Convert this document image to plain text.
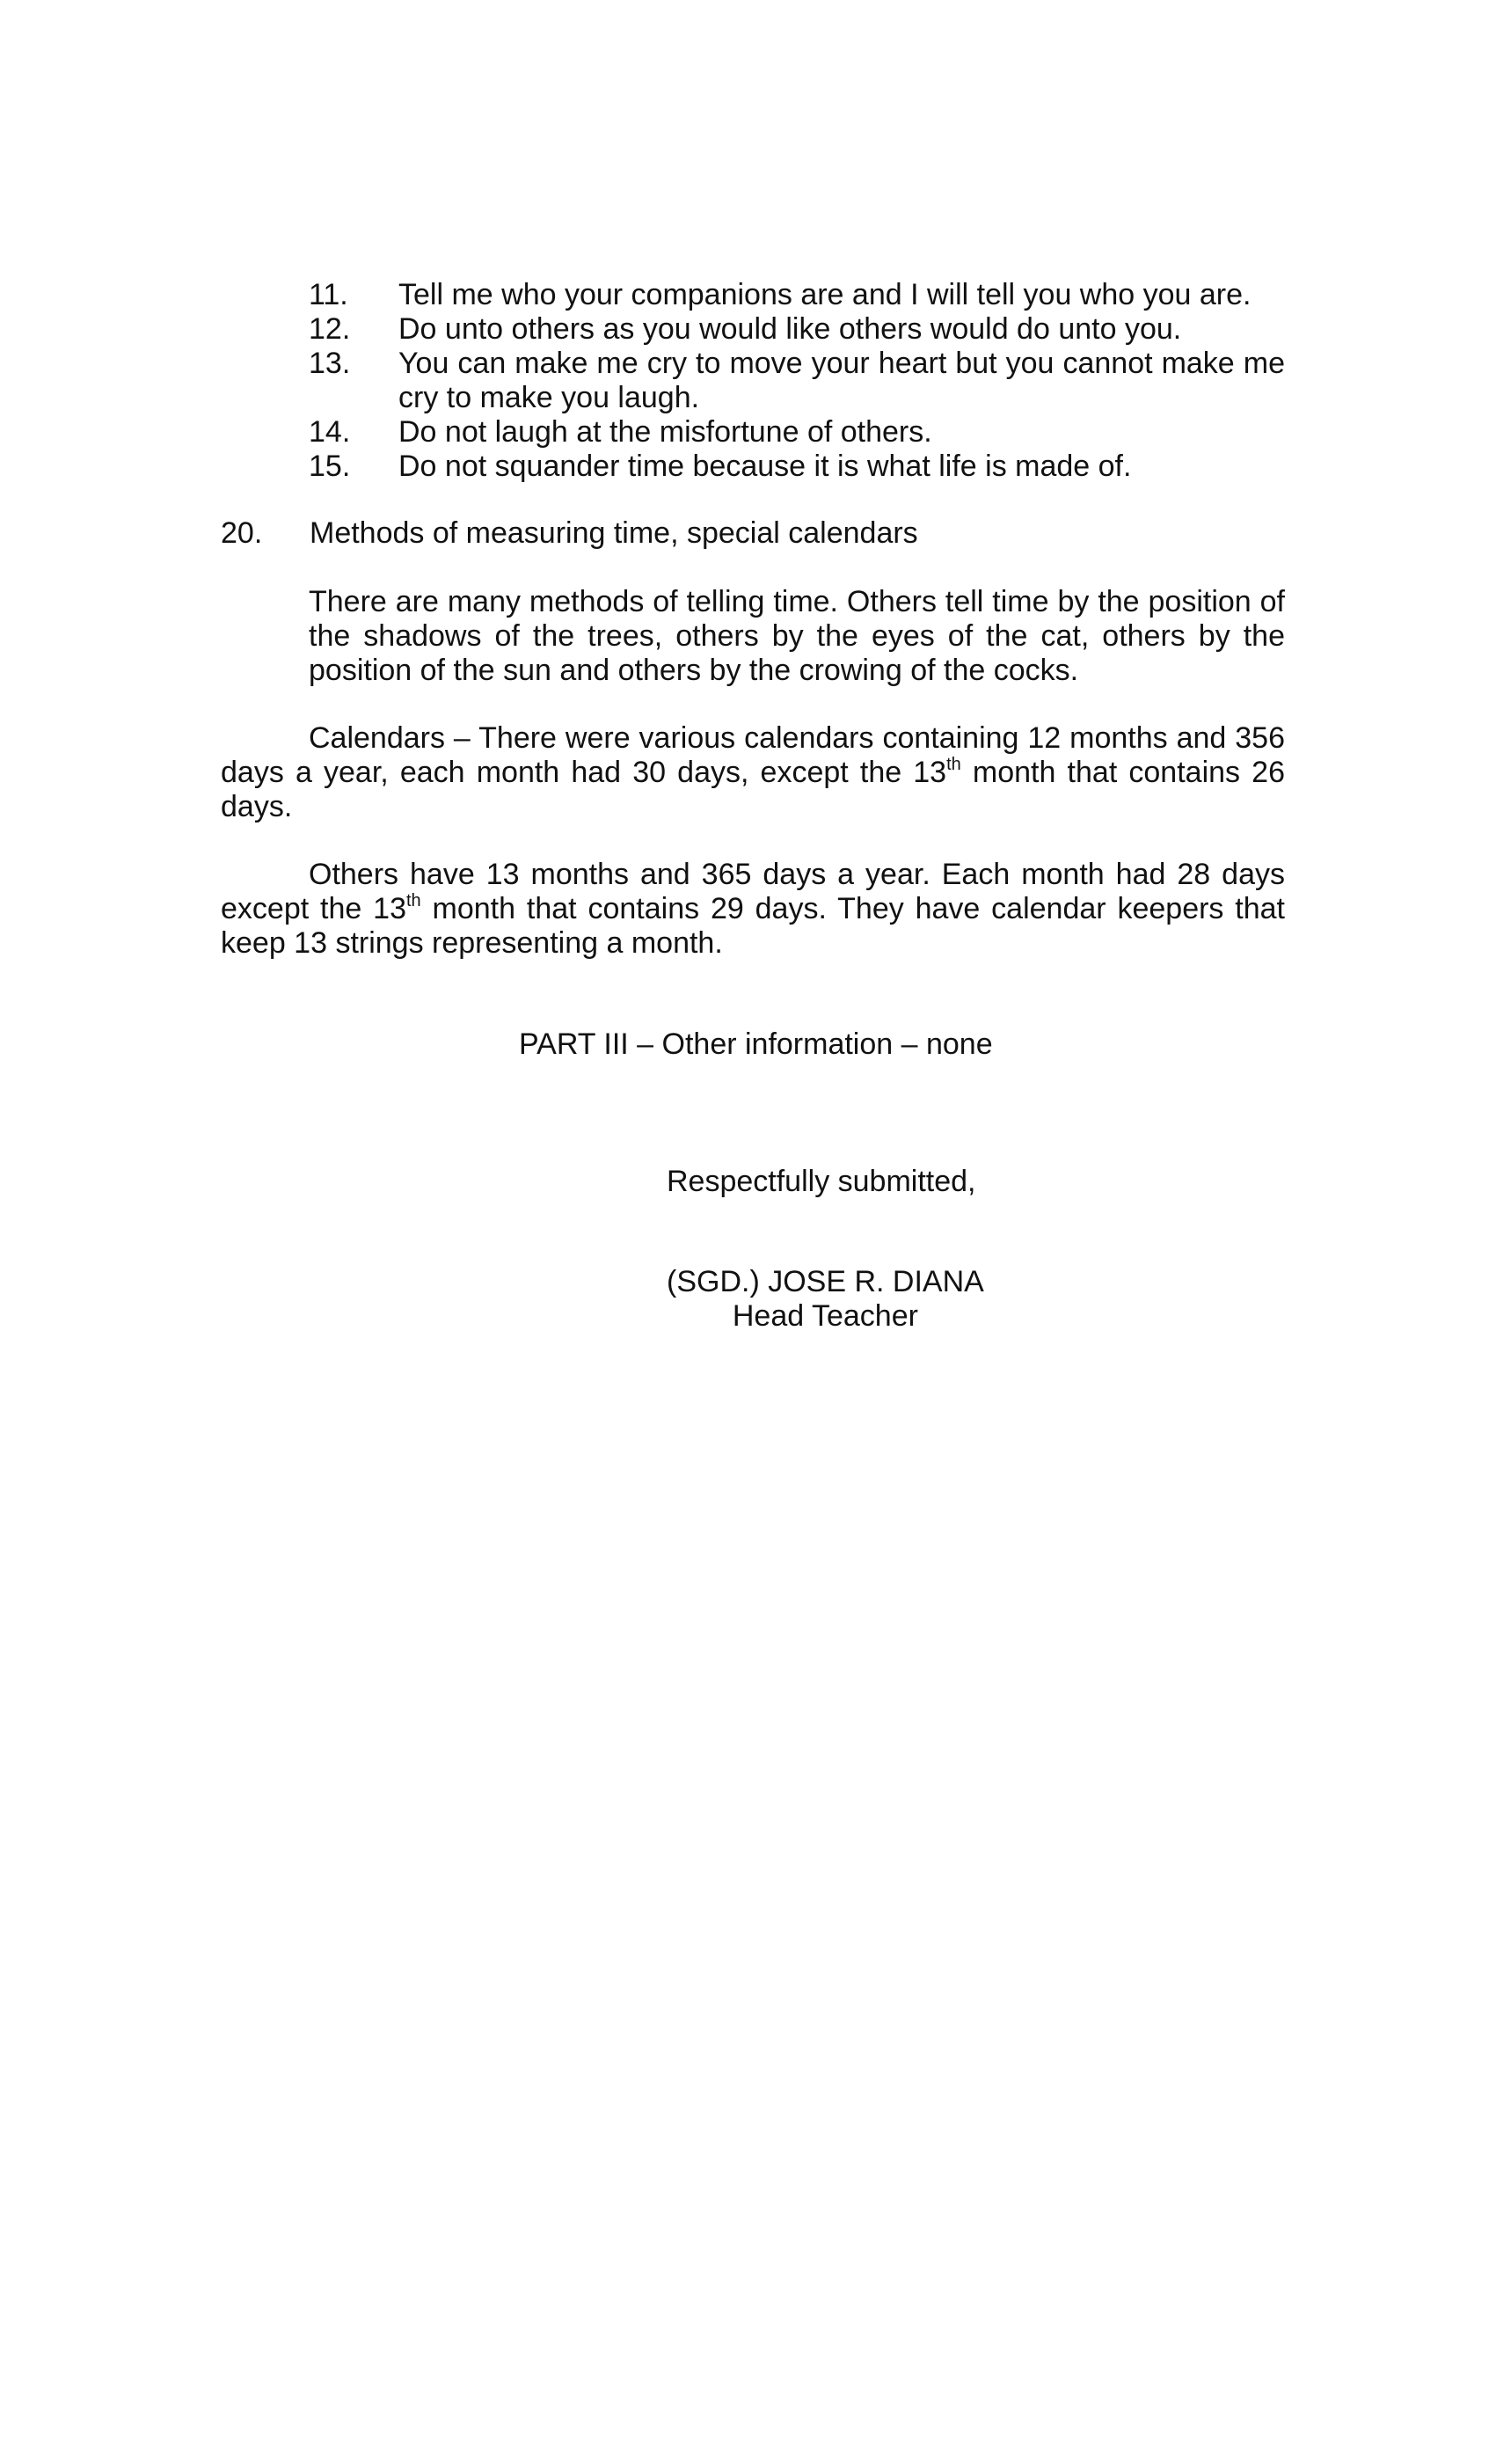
11.	Tell me who your companions are and I will tell you who you are.
12.	Do unto others as you would like others would do unto you.
13.	You can make me cry to move your heart but you cannot make me cry to make you laugh.
14.	Do not laugh at the misfortune of others.
15.	Do not squander time because it is what life is made of.
20. Methods of measuring time, special calendars

There are many methods of telling time. Others tell time by the position of the shadows of the trees, others by the eyes of the cat, others by the position of the sun and others by the crowing of the cocks.

Calendars – There were various calendars containing 12 months and 356 days a year, each month had 30 days, except the 13th month that contains 26 days.

Others have 13 months and 365 days a year. Each month had 28 days except the 13th month that contains 29 days. They have calendar keepers that keep 13 strings representing a month.

PART III – Other information – none
Respectfully submitted,
(SGD.) JOSE R. DIANA
Head Teacher
